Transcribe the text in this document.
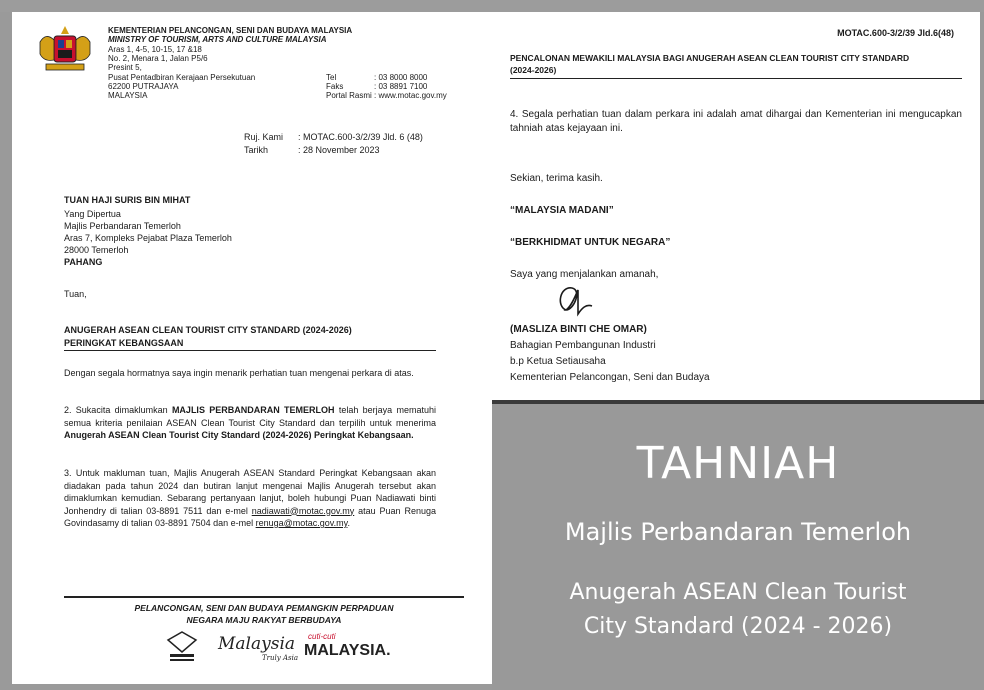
KEMENTERIAN PELANCONGAN, SENI DAN BUDAYA MALAYSIA
MINISTRY OF TOURISM, ARTS AND CULTURE MALAYSIA
Aras 1, 4-5, 10-15, 17 &18
No. 2, Menara 1, Jalan P5/6
Presint 5,
Pusat Pentadbiran Kerajaan Persekutuan
62200 PUTRAJAYA
MALAYSIA
Tel
Faks
Portal Rasmi
: 03 8000 8000
: 03 8891 7100
: www.motac.gov.my
Ruj. Kami : MOTAC.600-3/2/39 Jld. 6 (48)
Tarikh	: 28 November 2023
TUAN HAJI SURIS BIN MIHAT
Yang Dipertua
Majlis Perbandaran Temerloh
Aras 7, Kompleks Pejabat Plaza Temerloh
28000 Temerloh
PAHANG
Tuan,
ANUGERAH ASEAN CLEAN TOURIST CITY STANDARD (2024-2026)
PERINGKAT KEBANGSAAN
Dengan segala hormatnya saya ingin menarik perhatian tuan mengenai perkara di atas.
2. Sukacita dimaklumkan MAJLIS PERBANDARAN TEMERLOH telah berjaya mematuhi semua kriteria penilaian ASEAN Clean Tourist City Standard dan terpilih untuk menerima Anugerah ASEAN Clean Tourist City Standard (2024-2026) Peringkat Kebangsaan.
3. Untuk makluman tuan, Majlis Anugerah ASEAN Standard Peringkat Kebangsaan akan diadakan pada tahun 2024 dan butiran lanjut mengenai Majlis Anugerah tersebut akan dimaklumkan kemudian. Sebarang pertanyaan lanjut, boleh hubungi Puan Nadiawati binti Jonhendry di talian 03-8891 7511 dan e-mel nadiawati@motac.gov.my atau Puan Renuga Govindasamy di talian 03-8891 7504 dan e-mel renuga@motac.gov.my.
PELANCONGAN, SENI DAN BUDAYA PEMANGKIN PERPADUAN
NEGARA MAJU RAKYAT BERBUDAYA
Malaysia
Truly Asia
cuti-cuti
MALAYSIA.
MOTAC.600-3/2/39 Jld.6(48)
PENCALONAN MEWAKILI MALAYSIA BAGI ANUGERAH ASEAN CLEAN TOURIST CITY STANDARD
(2024-2026)
4. Segala perhatian tuan dalam perkara ini adalah amat dihargai dan Kementerian ini mengucapkan tahniah atas kejayaan ini.
Sekian, terima kasih.
“MALAYSIA MADANI”
“BERKHIDMAT UNTUK NEGARA”
Saya yang menjalankan amanah,
(MASLIZA BINTI CHE OMAR)
Bahagian Pembangunan Industri
b.p Ketua Setiausaha
Kementerian Pelancongan, Seni dan Budaya
TAHNIAH
Majlis Perbandaran Temerloh
Anugerah ASEAN Clean Tourist
City Standard (2024 - 2026)
